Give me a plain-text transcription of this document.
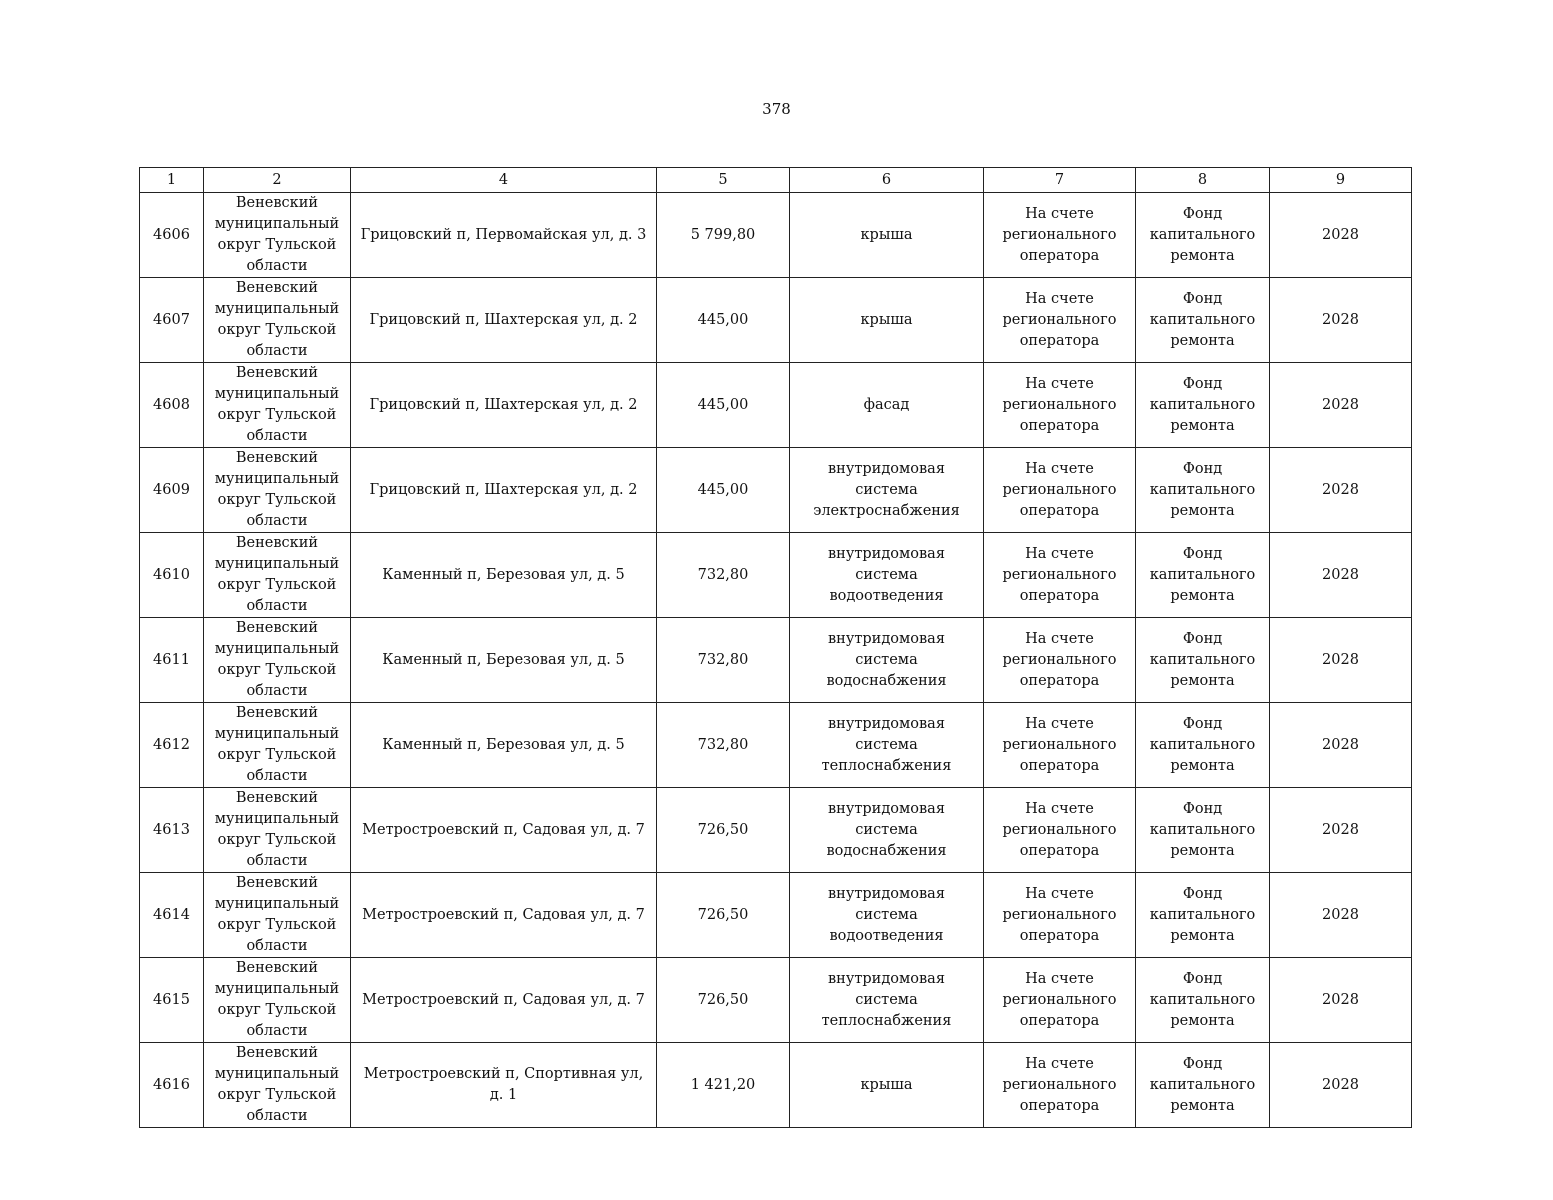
378
1	2	4	5	6	7	8	9
4606	Веневский муниципальный округ Тульской области	Грицовский п, Первомайская ул, д. 3	5 799,80	крыша	На счете регионального оператора	Фонд капитального ремонта	2028
4607	Веневский муниципальный округ Тульской области	Грицовский п, Шахтерская ул, д. 2	445,00	крыша	На счете регионального оператора	Фонд капитального ремонта	2028
4608	Веневский муниципальный округ Тульской области	Грицовский п, Шахтерская ул, д. 2	445,00	фасад	На счете регионального оператора	Фонд капитального ремонта	2028
4609	Веневский муниципальный округ Тульской области	Грицовский п, Шахтерская ул, д. 2	445,00	внутридомовая система электроснабжения	На счете регионального оператора	Фонд капитального ремонта	2028
4610	Веневский муниципальный округ Тульской области	Каменный п, Березовая ул, д. 5	732,80	внутридомовая система водоотведения	На счете регионального оператора	Фонд капитального ремонта	2028
4611	Веневский муниципальный округ Тульской области	Каменный п, Березовая ул, д. 5	732,80	внутридомовая система водоснабжения	На счете регионального оператора	Фонд капитального ремонта	2028
4612	Веневский муниципальный округ Тульской области	Каменный п, Березовая ул, д. 5	732,80	внутридомовая система теплоснабжения	На счете регионального оператора	Фонд капитального ремонта	2028
4613	Веневский муниципальный округ Тульской области	Метростроевский п, Садовая ул, д. 7	726,50	внутридомовая система водоснабжения	На счете регионального оператора	Фонд капитального ремонта	2028
4614	Веневский муниципальный округ Тульской области	Метростроевский п, Садовая ул, д. 7	726,50	внутридомовая система водоотведения	На счете регионального оператора	Фонд капитального ремонта	2028
4615	Веневский муниципальный округ Тульской области	Метростроевский п, Садовая ул, д. 7	726,50	внутридомовая система теплоснабжения	На счете регионального оператора	Фонд капитального ремонта	2028
4616	Веневский муниципальный округ Тульской области	Метростроевский п, Спортивная ул, д. 1	1 421,20	крыша	На счете регионального оператора	Фонд капитального ремонта	2028
